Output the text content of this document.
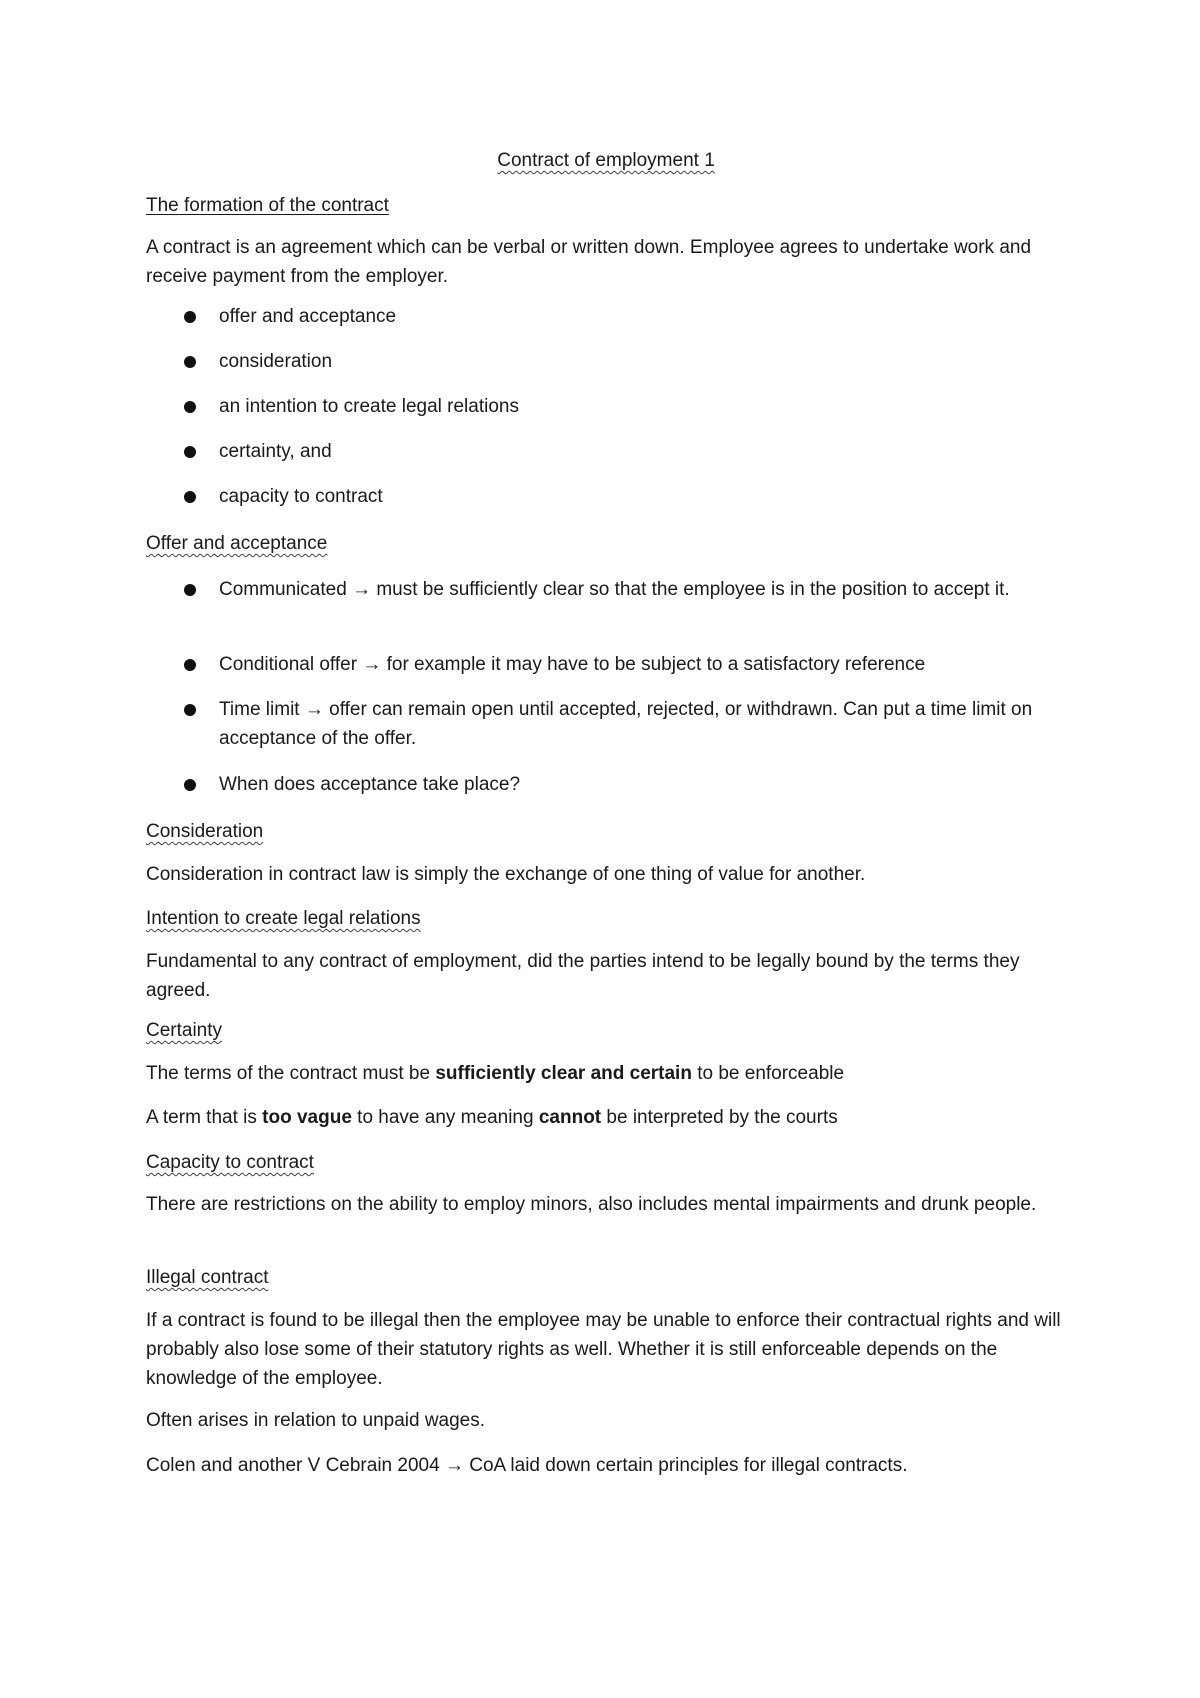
Contract of employment 1

The formation of the contract

A contract is an agreement which can be verbal or written down. Employee agrees to undertake work and receive payment from the employer.

offer and acceptance
consideration
an intention to create legal relations
certainty, and
capacity to contract

Offer and acceptance

Communicated → must be sufficiently clear so that the employee is in the position to accept it.
Conditional offer → for example it may have to be subject to a satisfactory reference
Time limit → offer can remain open until accepted, rejected, or withdrawn. Can put a time limit on acceptance of the offer.
When does acceptance take place?

Consideration

Consideration in contract law is simply the exchange of one thing of value for another.

Intention to create legal relations

Fundamental to any contract of employment, did the parties intend to be legally bound by the terms they agreed.

Certainty

The terms of the contract must be sufficiently clear and certain to be enforceable

A term that is too vague to have any meaning cannot be interpreted by the courts

Capacity to contract

There are restrictions on the ability to employ minors, also includes mental impairments and drunk people.

Illegal contract

If a contract is found to be illegal then the employee may be unable to enforce their contractual rights and will probably also lose some of their statutory rights as well. Whether it is still enforceable depends on the knowledge of the employee.

Often arises in relation to unpaid wages.

Colen and another V Cebrain 2004 → CoA laid down certain principles for illegal contracts.
